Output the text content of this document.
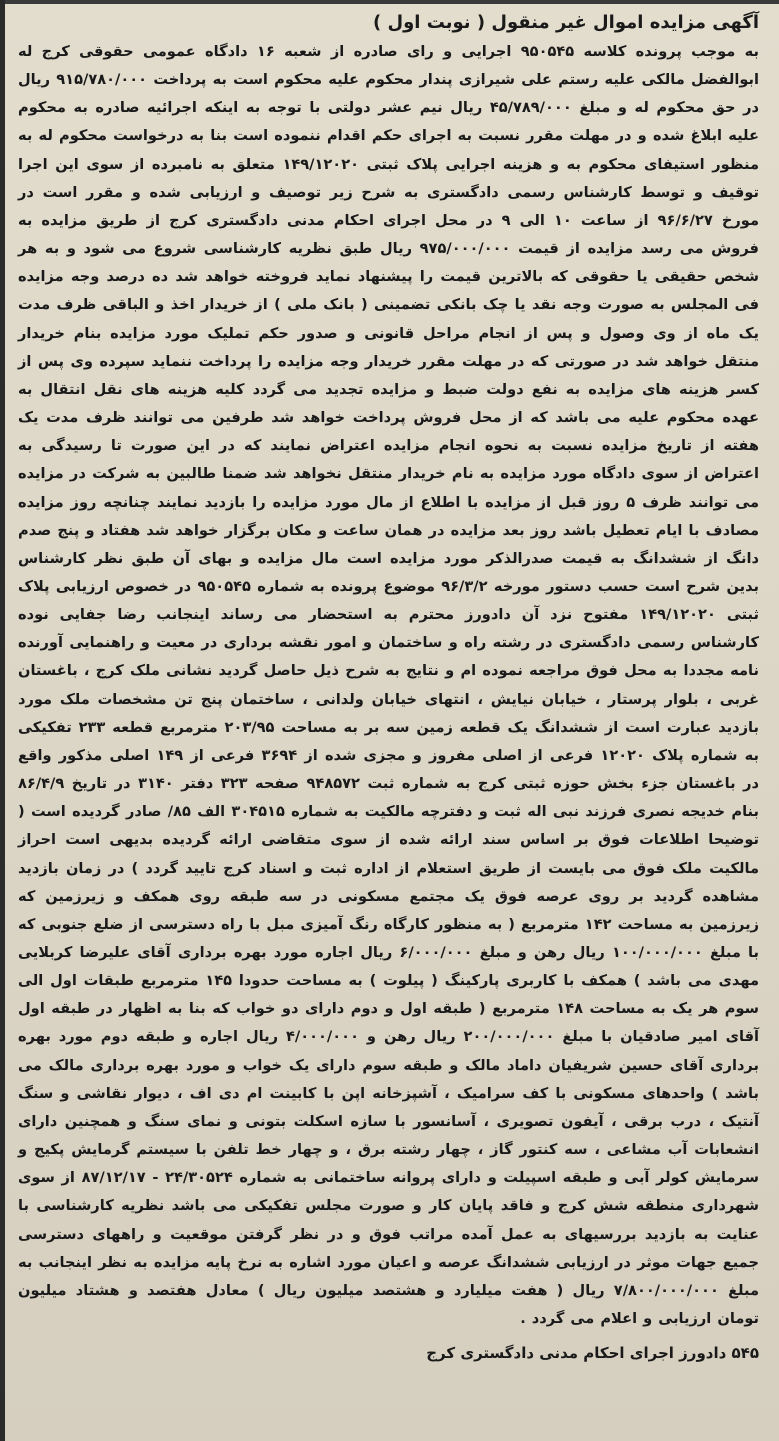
آگهی مزایده اموال غیر منقول ( نوبت اول )

به موجب پرونده کلاسه ۹۵۰۵۴۵ اجرایی و رای صادره از شعبه ۱۶ دادگاه عمومی حقوقی کرج له ابوالفضل مالکی علیه رستم علی شیرازی پندار محکوم علیه محکوم است به پرداخت ۹۱۵/۷۸۰/۰۰۰ ریال در حق محکوم له و مبلغ ۴۵/۷۸۹/۰۰۰ ریال نیم عشر دولتی با توجه به اینکه اجرائیه صادره به محکوم علیه ابلاغ شده و در مهلت مقرر نسبت به اجرای حکم اقدام ننموده است بنا به درخواست محکوم له به منظور استیفای محکوم به و هزینه اجرایی پلاک ثبتی ۱۴۹/۱۲۰۲۰ متعلق به نامبرده از سوی این اجرا توقیف و توسط کارشناس رسمی دادگستری به شرح زیر توصیف و ارزیابی شده و مقرر است در مورخ ۹۶/۶/۲۷ از ساعت ۱۰ الی ۹ در محل اجرای احکام مدنی دادگستری کرج از طریق مزایده به فروش می رسد مزایده از قیمت ۹۷۵/۰۰۰/۰۰۰ ریال طبق نظریه کارشناسی شروع می شود و به هر شخص حقیقی یا حقوقی که بالاترین قیمت را پیشنهاد نماید فروخته خواهد شد ده درصد وجه مزایده فی المجلس به صورت وجه نقد یا چک بانکی تضمینی ( بانک ملی ) از خریدار اخذ و الباقی ظرف مدت یک ماه از وی وصول و پس از انجام مراحل قانونی و صدور حکم تملیک مورد مزایده بنام خریدار منتقل خواهد شد در صورتی که در مهلت مقرر خریدار وجه مزایده را پرداخت ننماید سپرده وی پس از کسر هزینه های مزایده به نفع دولت ضبط و مزایده تجدید می گردد کلیه هزینه های نقل انتقال به عهده محکوم علیه می باشد که از محل فروش پرداخت خواهد شد طرفین می توانند ظرف مدت یک هفته از تاریخ مزایده نسبت به نحوه انجام مزایده اعتراض نمایند که در این صورت تا رسیدگی به اعتراض از سوی دادگاه مورد مزایده به نام خریدار منتقل نخواهد شد ضمنا طالبین به شرکت در مزایده می توانند ظرف ۵ روز قبل از مزایده با اطلاع از مال مورد مزایده را بازدید نمایند چنانچه روز مزایده مصادف با ایام تعطیل باشد روز بعد مزایده در همان ساعت و مکان برگزار خواهد شد هفتاد و پنج صدم دانگ از ششدانگ به قیمت صدرالذکر مورد مزایده است مال مزایده و بهای آن طبق نظر کارشناس بدین شرح است حسب دستور مورخه ۹۶/۳/۲ موضوع پرونده به شماره ۹۵۰۵۴۵ در خصوص ارزیابی پلاک ثبتی ۱۴۹/۱۲۰۲۰ مفتوح نزد آن دادورز محترم به استحضار می رساند اینجانب رضا جفایی نوده کارشناس رسمی دادگستری در رشته راه و ساختمان و امور نقشه برداری در معیت و راهنمایی آورنده نامه مجددا به محل فوق مراجعه نموده ام و نتایج به شرح ذیل حاصل گردید نشانی ملک کرج ، باغستان غربی ، بلوار پرستار ، خیابان نیایش ، انتهای خیابان ولدانی ، ساختمان پنج تن مشخصات ملک مورد بازدید عبارت است از ششدانگ یک قطعه زمین سه بر به مساحت ۲۰۳/۹۵ مترمربع قطعه ۲۳۳ تفکیکی به شماره پلاک ۱۲۰۲۰ فرعی از اصلی مفروز و مجزی شده از ۳۶۹۴ فرعی از ۱۴۹ اصلی مذکور واقع در باغستان جزء بخش حوزه ثبتی کرج به شماره ثبت ۹۴۸۵۷۲ صفحه ۳۲۳ دفتر ۳۱۴۰ در تاریخ ۸۶/۴/۹ بنام خدیجه نصری فرزند نبی اله ثبت و دفترچه مالکیت به شماره ۳۰۴۵۱۵ الف ۸۵/ صادر گردیده است ( توضیحا اطلاعات فوق بر اساس سند ارائه شده از سوی متقاضی ارائه گردیده بدیهی است احراز مالکیت ملک فوق می بایست از طریق استعلام از اداره ثبت و اسناد کرج تایید گردد ) در زمان بازدید مشاهده گردید بر روی عرصه فوق یک مجتمع مسکونی در سه طبقه روی همکف و زیرزمین که زیرزمین به مساحت ۱۴۲ مترمربع ( به منظور کارگاه رنگ آمیزی مبل با راه دسترسی از ضلع جنوبی که با مبلغ ۱۰۰/۰۰۰/۰۰۰ ریال رهن و مبلغ ۶/۰۰۰/۰۰۰ ریال اجاره مورد بهره برداری آقای علیرضا کربلایی مهدی می باشد ) همکف با کاربری پارکینگ ( پیلوت ) به مساحت حدودا ۱۴۵ مترمربع طبقات اول الی سوم هر یک به مساحت ۱۴۸ مترمربع ( طبقه اول و دوم دارای دو خواب که بنا به اظهار در طبقه اول آقای امیر صادقیان با مبلغ ۲۰۰/۰۰۰/۰۰۰ ریال رهن و ۴/۰۰۰/۰۰۰ ریال اجاره و طبقه دوم مورد بهره برداری آقای حسین شریفیان داماد مالک و طبقه سوم دارای یک خواب و مورد بهره برداری مالک می باشد ) واحدهای مسکونی با کف سرامیک ، آشپزخانه اپن با کابینت ام دی اف ، دیوار نقاشی و سنگ آنتیک ، درب برقی ، آیفون تصویری ، آسانسور با سازه اسکلت بتونی و نمای سنگ و همچنین دارای انشعابات آب مشاعی ، سه کنتور گاز ، چهار رشته برق ، و چهار خط تلفن با سیستم گرمایش پکیج و سرمایش کولر آبی و طبقه اسپیلت و دارای پروانه ساختمانی به شماره ۲۴/۳۰۵۲۴ - ۸۷/۱۲/۱۷ از سوی شهرداری منطقه شش کرج و فاقد پایان کار و صورت مجلس تفکیکی می باشد نظریه کارشناسی با عنایت به بازدید بررسیهای به عمل آمده مراتب فوق و در نظر گرفتن موقعیت و راههای دسترسی جمیع جهات موثر در ارزیابی ششدانگ عرصه و اعیان مورد اشاره به نرخ پایه مزایده به نظر اینجانب به مبلغ ۷/۸۰۰/۰۰۰/۰۰۰ ریال ( هفت میلیارد و هشتصد میلیون ریال ) معادل هفتصد و هشتاد میلیون تومان ارزیابی و اعلام می گردد .

۵۴۵ دادورز اجرای احکام مدنی دادگستری کرج
